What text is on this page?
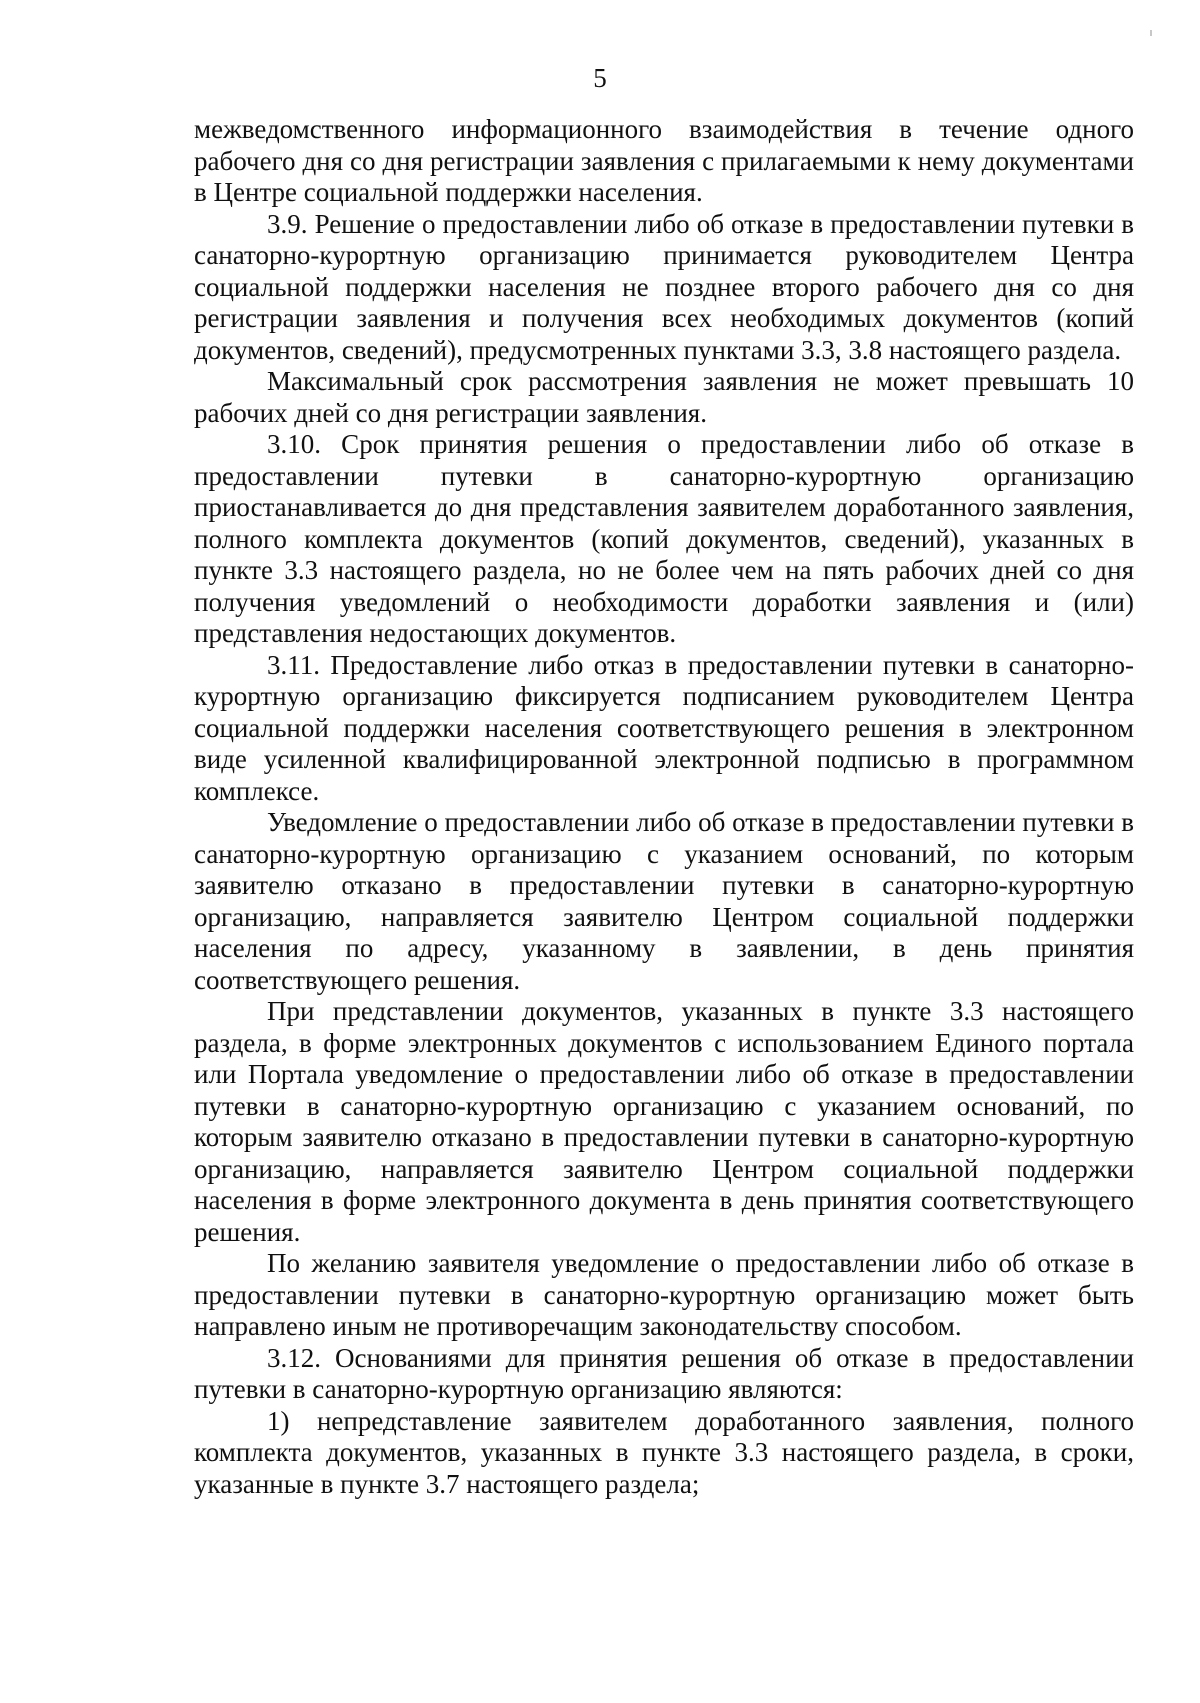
5

межведомственного информационного взаимодействия в течение одного рабочего дня со дня регистрации заявления с прилагаемыми к нему документами в Центре социальной поддержки населения.

3.9. Решение о предоставлении либо об отказе в предоставлении путевки в санаторно-курортную организацию принимается руководителем Центра социальной поддержки населения не позднее второго рабочего дня со дня регистрации заявления и получения всех необходимых документов (копий документов, сведений), предусмотренных пунктами 3.3, 3.8 настоящего раздела.

Максимальный срок рассмотрения заявления не может превышать 10 рабочих дней со дня регистрации заявления.

3.10. Срок принятия решения о предоставлении либо об отказе в предоставлении путевки в санаторно-курортную организацию приостанавливается до дня представления заявителем доработанного заявления, полного комплекта документов (копий документов, сведений), указанных в пункте 3.3 настоящего раздела, но не более чем на пять рабочих дней со дня получения уведомлений о необходимости доработки заявления и (или) представления недостающих документов.

3.11. Предоставление либо отказ в предоставлении путевки в санаторно-курортную организацию фиксируется подписанием руководителем Центра социальной поддержки населения соответствующего решения в электронном виде усиленной квалифицированной электронной подписью в программном комплексе.

Уведомление о предоставлении либо об отказе в предоставлении путевки в санаторно-курортную организацию с указанием оснований, по которым заявителю отказано в предоставлении путевки в санаторно-курортную организацию, направляется заявителю Центром социальной поддержки населения по адресу, указанному в заявлении, в день принятия соответствующего решения.

При представлении документов, указанных в пункте 3.3 настоящего раздела, в форме электронных документов с использованием Единого портала или Портала уведомление о предоставлении либо об отказе в предоставлении путевки в санаторно-курортную организацию с указанием оснований, по которым заявителю отказано в предоставлении путевки в санаторно-курортную организацию, направляется заявителю Центром социальной поддержки населения в форме электронного документа в день принятия соответствующего решения.

По желанию заявителя уведомление о предоставлении либо об отказе в предоставлении путевки в санаторно-курортную организацию может быть направлено иным не противоречащим законодательству способом.

3.12. Основаниями для принятия решения об отказе в предоставлении путевки в санаторно-курортную организацию являются:

1) непредставление заявителем доработанного заявления, полного комплекта документов, указанных в пункте 3.3 настоящего раздела, в сроки, указанные в пункте 3.7 настоящего раздела;
